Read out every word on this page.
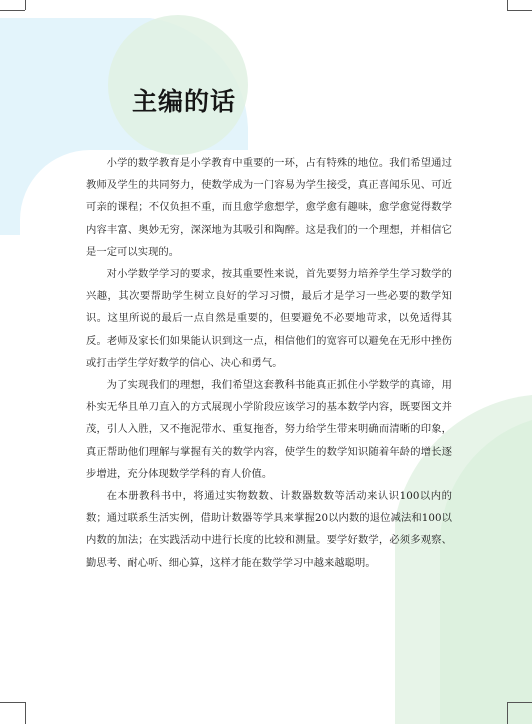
主编的话

小学的数学教育是小学教育中重要的一环，占有特殊的地位。我们希望通过教师及学生的共同努力，使数学成为一门容易为学生接受，真正喜闻乐见、可近可亲的课程；不仅负担不重，而且愈学愈想学，愈学愈有趣味，愈学愈觉得数学内容丰富、奥妙无穷，深深地为其吸引和陶醉。这是我们的一个理想，并相信它是一定可以实现的。

对小学数学学习的要求，按其重要性来说，首先要努力培养学生学习数学的兴趣，其次要帮助学生树立良好的学习习惯，最后才是学习一些必要的数学知识。这里所说的最后一点自然是重要的，但要避免不必要地苛求，以免适得其反。老师及家长们如果能认识到这一点，相信他们的宽容可以避免在无形中挫伤或打击学生学好数学的信心、决心和勇气。

为了实现我们的理想，我们希望这套教科书能真正抓住小学数学的真谛，用朴实无华且单刀直入的方式展现小学阶段应该学习的基本数学内容，既要图文并茂，引人入胜，又不拖泥带水、重复拖沓，努力给学生带来明确而清晰的印象，真正帮助他们理解与掌握有关的数学内容，使学生的数学知识随着年龄的增长逐步增进，充分体现数学学科的育人价值。

在本册教科书中，将通过实物数数、计数器数数等活动来认识100以内的数；通过联系生活实例，借助计数器等学具来掌握20以内数的退位减法和100以内数的加法；在实践活动中进行长度的比较和测量。要学好数学，必须多观察、勤思考、耐心听、细心算，这样才能在数学学习中越来越聪明。
